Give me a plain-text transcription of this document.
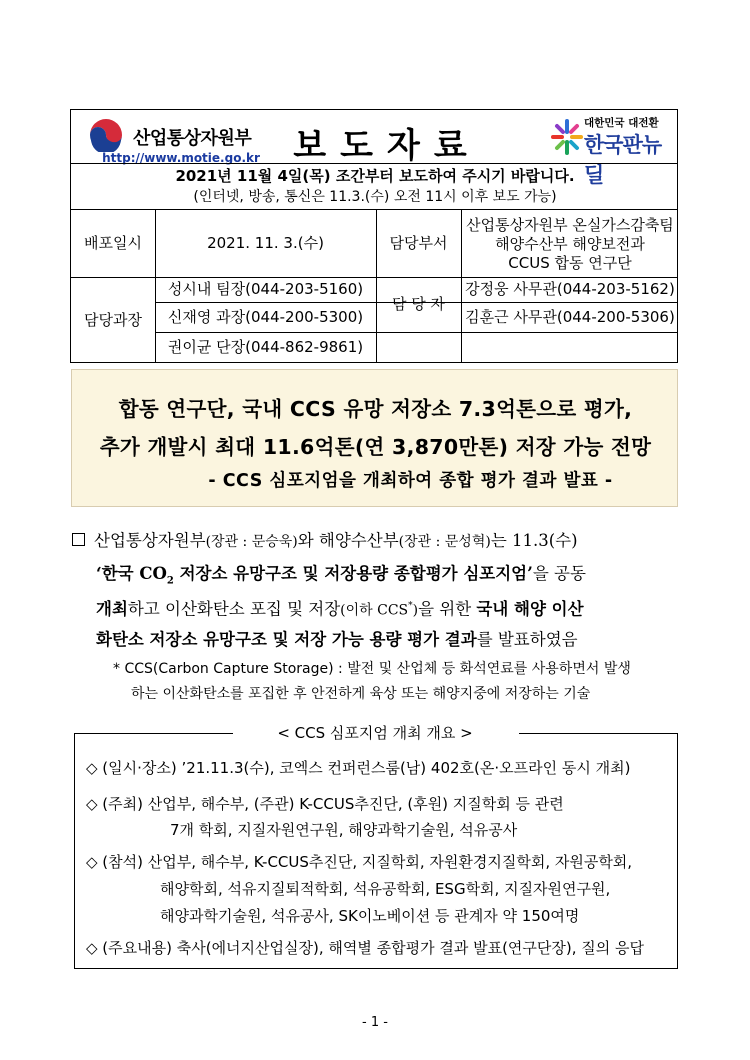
산업통상자원부
http://www.motie.go.kr 보도자료
대한민국 대전환
한국판뉴딜
2021년 11월 4일(목) 조간부터 보도하여 주시기 바랍니다.
(인터넷, 방송, 통신은 11.3.(수) 오전 11시 이후 보도 가능)
배포일시	2021. 11. 3.(수)	담당부서
산업통상자원부 온실가스감축팀
해양수산부 해양보전과
CCUS 합동 연구단
담당과장
성시내 팀장(044-203-5160)
신재영 과장(044-200-5300)
권이균 단장(044-862-9861)
담 당 자
강정웅 사무관(044-203-5162)
김훈근 사무관(044-200-5306)
합동 연구단, 국내 CCS 유망 저장소 7.3억톤으로 평가,
추가 개발시 최대 11.6억톤(연 3,870만톤) 저장 가능 전망
- CCS 심포지엄을 개최하여 종합 평가 결과 발표 -
산업통상자원부(장관 : 문승욱)와 해양수산부(장관 : 문성혁)는 11.3(수)
‘한국 $CO_2$ 저장소 유망구조 및 저장용량 종합평가 심포지엄’을 공동
개최하고 이산화탄소 포집 및 저장(이하 CCS*)을 위한 국내 해양 이산
화탄소 저장소 유망구조 및 저장 가능 용량 평가 결과를 발표하였음
* CCS(Carbon Capture Storage) : 발전 및 산업체 등 화석연료를 사용하면서 발생
하는 이산화탄소를 포집한 후 안전하게 육상 또는 해양지중에 저장하는 기술
< CCS 심포지엄 개최 개요 >
◇ (일시·장소) ’21.11.3(수), 코엑스 컨퍼런스룸(남) 402호(온·오프라인 동시 개최)
◇ (주최) 산업부, 해수부, (주관) K-CCUS추진단, (후원) 지질학회 등 관련
7개 학회, 지질자원연구원, 해양과학기술원, 석유공사
◇ (참석) 산업부, 해수부, K-CCUS추진단, 지질학회, 자원환경지질학회, 자원공학회,
해양학회, 석유지질퇴적학회, 석유공학회, ESG학회, 지질자원연구원,
해양과학기술원, 석유공사, SK이노베이션 등 관계자 약 150여명
◇ (주요내용) 축사(에너지산업실장), 해역별 종합평가 결과 발표(연구단장), 질의 응답
- 1 -
